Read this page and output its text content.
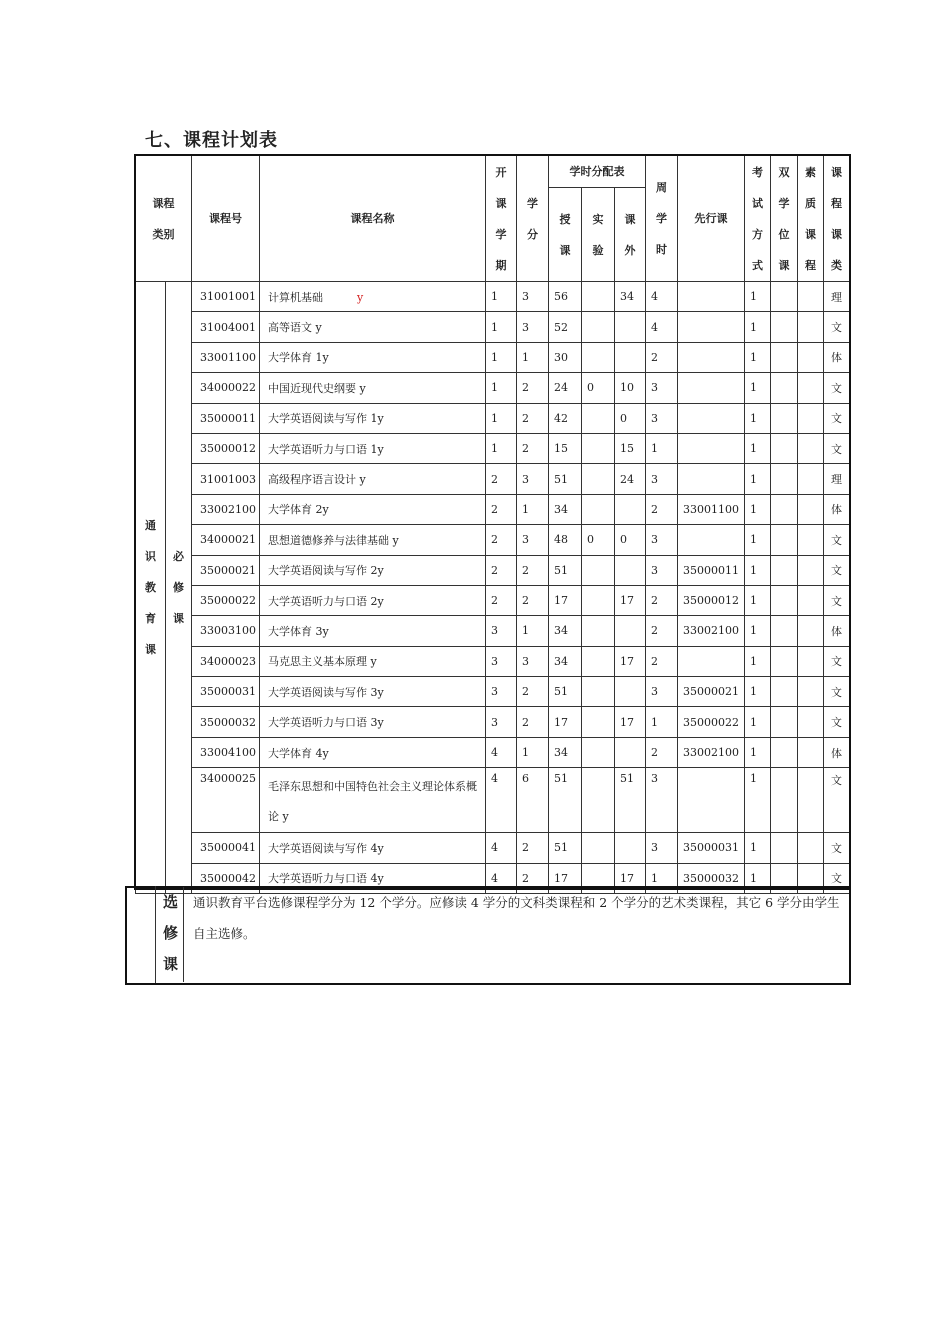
七、课程计划表
课程类别		课程号	课程名称	开课学期	学分	学时分配表			周学时	先行课	考试方式	双学位课	素质课程	课程课类
						授课	实验	课外						
通识教育课	必修课	31001001	计算机基础 y	1	3	56		34	4		1			理
		31004001	高等语文 y	1	3	52			4		1			文
		33001100	大学体育 1y	1	1	30			2		1			体
		34000022	中国近现代史纲要 y	1	2	24	0	10	3		1			文
		35000011	大学英语阅读与写作 1y	1	2	42		0	3		1			文
		35000012	大学英语听力与口语 1y	1	2	15		15	1		1			文
		31001003	高级程序语言设计 y	2	3	51		24	3		1			理
		33002100	大学体育 2y	2	1	34			2	33001100	1			体
		34000021	思想道德修养与法律基础 y	2	3	48	0	0	3		1			文
		35000021	大学英语阅读与写作 2y	2	2	51			3	35000011	1			文
		35000022	大学英语听力与口语 2y	2	2	17		17	2	35000012	1			文
		33003100	大学体育 3y	3	1	34			2	33002100	1			体
		34000023	马克思主义基本原理 y	3	3	34		17	2		1			文
		35000031	大学英语阅读与写作 3y	3	2	51			3	35000021	1			文
		35000032	大学英语听力与口语 3y	3	2	17		17	1	35000022	1			文
		33004100	大学体育 4y	4	1	34			2	33002100	1			体
		34000025	毛泽东思想和中国特色社会主义理论体系概论 y	4	6	51		51	3		1			文
		35000041	大学英语阅读与写作 4y	4	2	51			3	35000031	1			文
		35000042	大学英语听力与口语 4y	4	2	17		17	1	35000032	1			文
选修课
通识教育平台选修课程学分为 12 个学分。应修读 4 学分的文科类课程和 2 个学分的艺术类课程，其它 6 学分由学生自主选修。
